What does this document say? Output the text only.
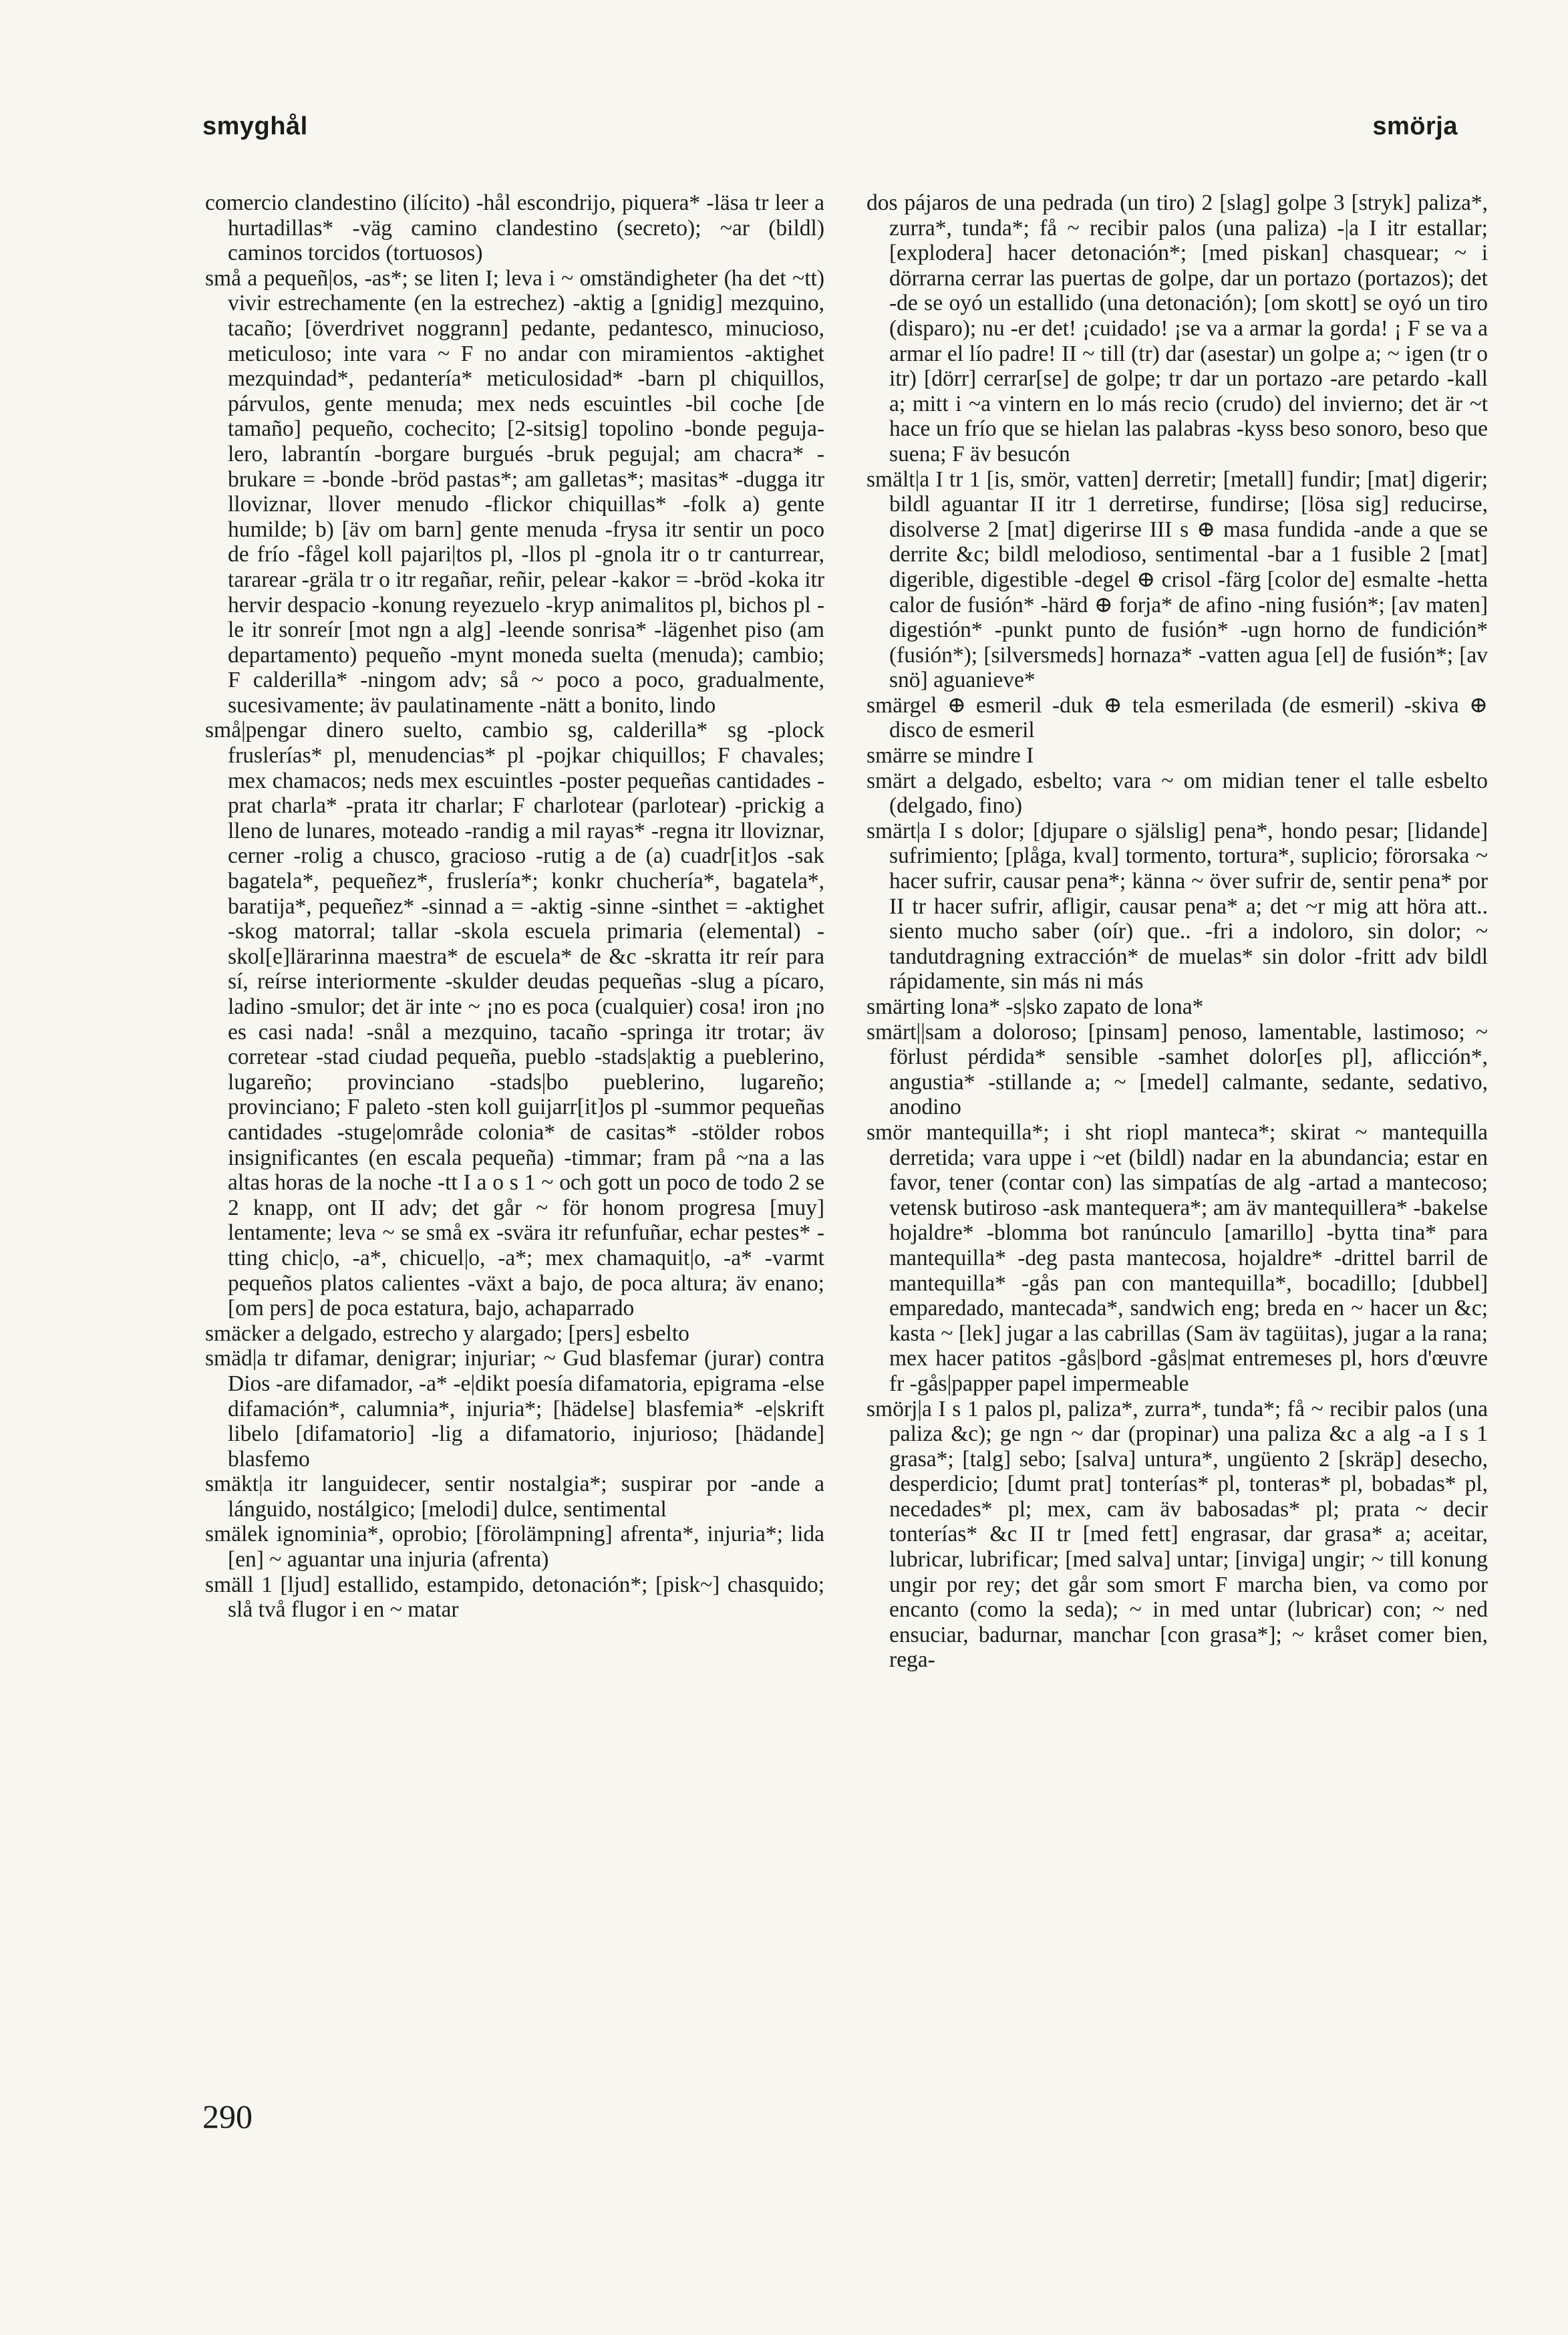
smyghål	smörja

comercio clandestino (ilícito) -hål escondrijo, piquera* -läsa tr leer a hurtadillas* -väg camino clandestino (secreto); ~ar (bildl) caminos torcidos (tortuosos)

små a pequeñ|os, -as*; se liten I; leva i ~ omständigheter (ha det ~tt) vivir estrechamente (en la estrechez) -aktig a [gnidig] mezquino, tacaño; [överdrivet noggrann] pedante, pedantesco, minucioso, meticuloso; inte vara ~ F no andar con miramientos -aktighet mezquindad*, pedantería* meticulosidad* -barn pl chiquillos, párvulos, gente menuda; mex neds escuintles -bil coche [de tamaño] pequeño, cochecito; [2-sitsig] topolino -bonde peguja-lero, labrantín -borgare burgués -bruk pegujal; am chacra* -brukare = -bonde -bröd pastas*; am galletas*; masitas* -dugga itr lloviznar, llover menudo -flickor chiquillas* -folk a) gente humilde; b) [äv om barn] gente menuda -frysa itr sentir un poco de frío -fågel koll pajari|tos pl, -llos pl -gnola itr o tr canturrear, tararear -gräla tr o itr regañar, reñir, pelear -kakor = -bröd -koka itr hervir despacio -konung reyezuelo -kryp animalitos pl, bichos pl -le itr sonreír [mot ngn a alg] -leende sonrisa* -lägenhet piso (am departamento) pequeño -mynt moneda suelta (menuda); cambio; F calderilla* -ningom adv; så ~ poco a poco, gradualmente, sucesivamente; äv paulatinamente -nätt a bonito, lindo

små|pengar dinero suelto, cambio sg, calderilla* sg -plock fruslerías* pl, menudencias* pl -pojkar chiquillos; F chavales; mex chamacos; neds mex escuintles -poster pequeñas cantidades -prat charla* -prata itr charlar; F charlotear (parlotear) -prickig a lleno de lunares, moteado -randig a mil rayas* -regna itr lloviznar, cerner -rolig a chusco, gracioso -rutig a de (a) cuadr[it]os -sak bagatela*, pequeñez*, fruslería*; konkr chuchería*, bagatela*, baratija*, pequeñez* -sinnad a = -aktig -sinne -sinthet = -aktighet -skog matorral; tallar -skola escuela primaria (elemental) -skol[e]lärarinna maestra* de escuela* de &c -skratta itr reír para sí, reírse interiormente -skulder deudas pequeñas -slug a pícaro, ladino -smulor; det är inte ~ ¡no es poca (cualquier) cosa! iron ¡no es casi nada! -snål a mezquino, tacaño -springa itr trotar; äv corretear -stad ciudad pequeña, pueblo -stads|aktig a pueblerino, lugareño; provinciano -stads|bo pueblerino, lugareño; provinciano; F paleto -sten koll guijarr[it]os pl -summor pequeñas cantidades -stuge|område colonia* de casitas* -stölder robos insignificantes (en escala pequeña) -timmar; fram på ~na a las altas horas de la noche -tt I a o s 1 ~ och gott un poco de todo 2 se 2 knapp, ont II adv; det går ~ för honom progresa [muy] lentamente; leva ~ se små ex -svära itr refunfuñar, echar pestes* -tting chic|o, -a*, chicuel|o, -a*; mex chamaquit|o, -a* -varmt pequeños platos calientes -växt a bajo, de poca altura; äv enano; [om pers] de poca estatura, bajo, achaparrado

smäcker a delgado, estrecho y alargado; [pers] esbelto

smäd|a tr difamar, denigrar; injuriar; ~ Gud blasfemar (jurar) contra Dios -are difamador, -a* -e|dikt poesía difamatoria, epigrama -else difamación*, calumnia*, injuria*; [hädelse] blasfemia* -e|skrift libelo [difamatorio] -lig a difamatorio, injurioso; [hädande] blasfemo

smäkt|a itr languidecer, sentir nostalgia*; suspirar por -ande a lánguido, nostálgico; [melodi] dulce, sentimental

smälek ignominia*, oprobio; [förolämpning] afrenta*, injuria*; lida [en] ~ aguantar una injuria (afrenta)

smäll 1 [ljud] estallido, estampido, detonación*; [pisk~] chasquido; slå två flugor i en ~ matar

dos pájaros de una pedrada (un tiro) 2 [slag] golpe 3 [stryk] paliza*, zurra*, tunda*; få ~ recibir palos (una paliza) -|a I itr estallar; [explodera] hacer detonación*; [med piskan] chasquear; ~ i dörrarna cerrar las puertas de golpe, dar un portazo (portazos); det -de se oyó un estallido (una detonación); [om skott] se oyó un tiro (disparo); nu -er det! ¡cuidado! ¡se va a armar la gorda! ¡ F se va a armar el lío padre! II ~ till (tr) dar (asestar) un golpe a; ~ igen (tr o itr) [dörr] cerrar[se] de golpe; tr dar un portazo -are petardo -kall a; mitt i ~a vintern en lo más recio (crudo) del invierno; det är ~t hace un frío que se hielan las palabras -kyss beso sonoro, beso que suena; F äv besucón

smält|a I tr 1 [is, smör, vatten] derretir; [metall] fundir; [mat] digerir; bildl aguantar II itr 1 derretirse, fundirse; [lösa sig] reducirse, disolverse 2 [mat] digerirse III s ⊕ masa fundida -ande a que se derrite &c; bildl melodioso, sentimental -bar a 1 fusible 2 [mat] digerible, digestible -degel ⊕ crisol -färg [color de] esmalte -hetta calor de fusión* -härd ⊕ forja* de afino -ning fusión*; [av maten] digestión* -punkt punto de fusión* -ugn horno de fundición* (fusión*); [silversmeds] hornaza* -vatten agua [el] de fusión*; [av snö] aguanieve*

smärgel ⊕ esmeril -duk ⊕ tela esmerilada (de esmeril) -skiva ⊕ disco de esmeril

smärre se mindre I

smärt a delgado, esbelto; vara ~ om midian tener el talle esbelto (delgado, fino)

smärt|a I s dolor; [djupare o själslig] pena*, hondo pesar; [lidande] sufrimiento; [plåga, kval] tormento, tortura*, suplicio; förorsaka ~ hacer sufrir, causar pena*; känna ~ över sufrir de, sentir pena* por II tr hacer sufrir, afligir, causar pena* a; det ~r mig att höra att.. siento mucho saber (oír) que.. -fri a indoloro, sin dolor; ~ tandutdragning extracción* de muelas* sin dolor -fritt adv bildl rápidamente, sin más ni más

smärting lona* -s|sko zapato de lona*

smärt||sam a doloroso; [pinsam] penoso, lamentable, lastimoso; ~ förlust pérdida* sensible -samhet dolor[es pl], aflicción*, angustia* -stillande a; ~ [medel] calmante, sedante, sedativo, anodino

smör mantequilla*; i sht riopl manteca*; skirat ~ mantequilla derretida; vara uppe i ~et (bildl) nadar en la abundancia; estar en favor, tener (contar con) las simpatías de alg -artad a mantecoso; vetensk butiroso -ask mantequera*; am äv mantequillera* -bakelse hojaldre* -blomma bot ranúnculo [amarillo] -bytta tina* para mantequilla* -deg pasta mantecosa, hojaldre* -drittel barril de mantequilla* -gås pan con mantequilla*, bocadillo; [dubbel] emparedado, mantecada*, sandwich eng; breda en ~ hacer un &c; kasta ~ [lek] jugar a las cabrillas (Sam äv tagüitas), jugar a la rana; mex hacer patitos -gås|bord -gås|mat entremeses pl, hors d'œuvre fr -gås|papper papel impermeable

smörj|a I s 1 palos pl, paliza*, zurra*, tunda*; få ~ recibir palos (una paliza &c); ge ngn ~ dar (propinar) una paliza &c a alg -a I s 1 grasa*; [talg] sebo; [salva] untura*, ungüento 2 [skräp] desecho, desperdicio; [dumt prat] tonterías* pl, tonteras* pl, bobadas* pl, necedades* pl; mex, cam äv babosadas* pl; prata ~ decir tonterías* &c II tr [med fett] engrasar, dar grasa* a; aceitar, lubricar, lubrificar; [med salva] untar; [inviga] ungir; ~ till konung ungir por rey; det går som smort F marcha bien, va como por encanto (como la seda); ~ in med untar (lubricar) con; ~ ned ensuciar, badurnar, manchar [con grasa*]; ~ kråset comer bien, rega-

290
